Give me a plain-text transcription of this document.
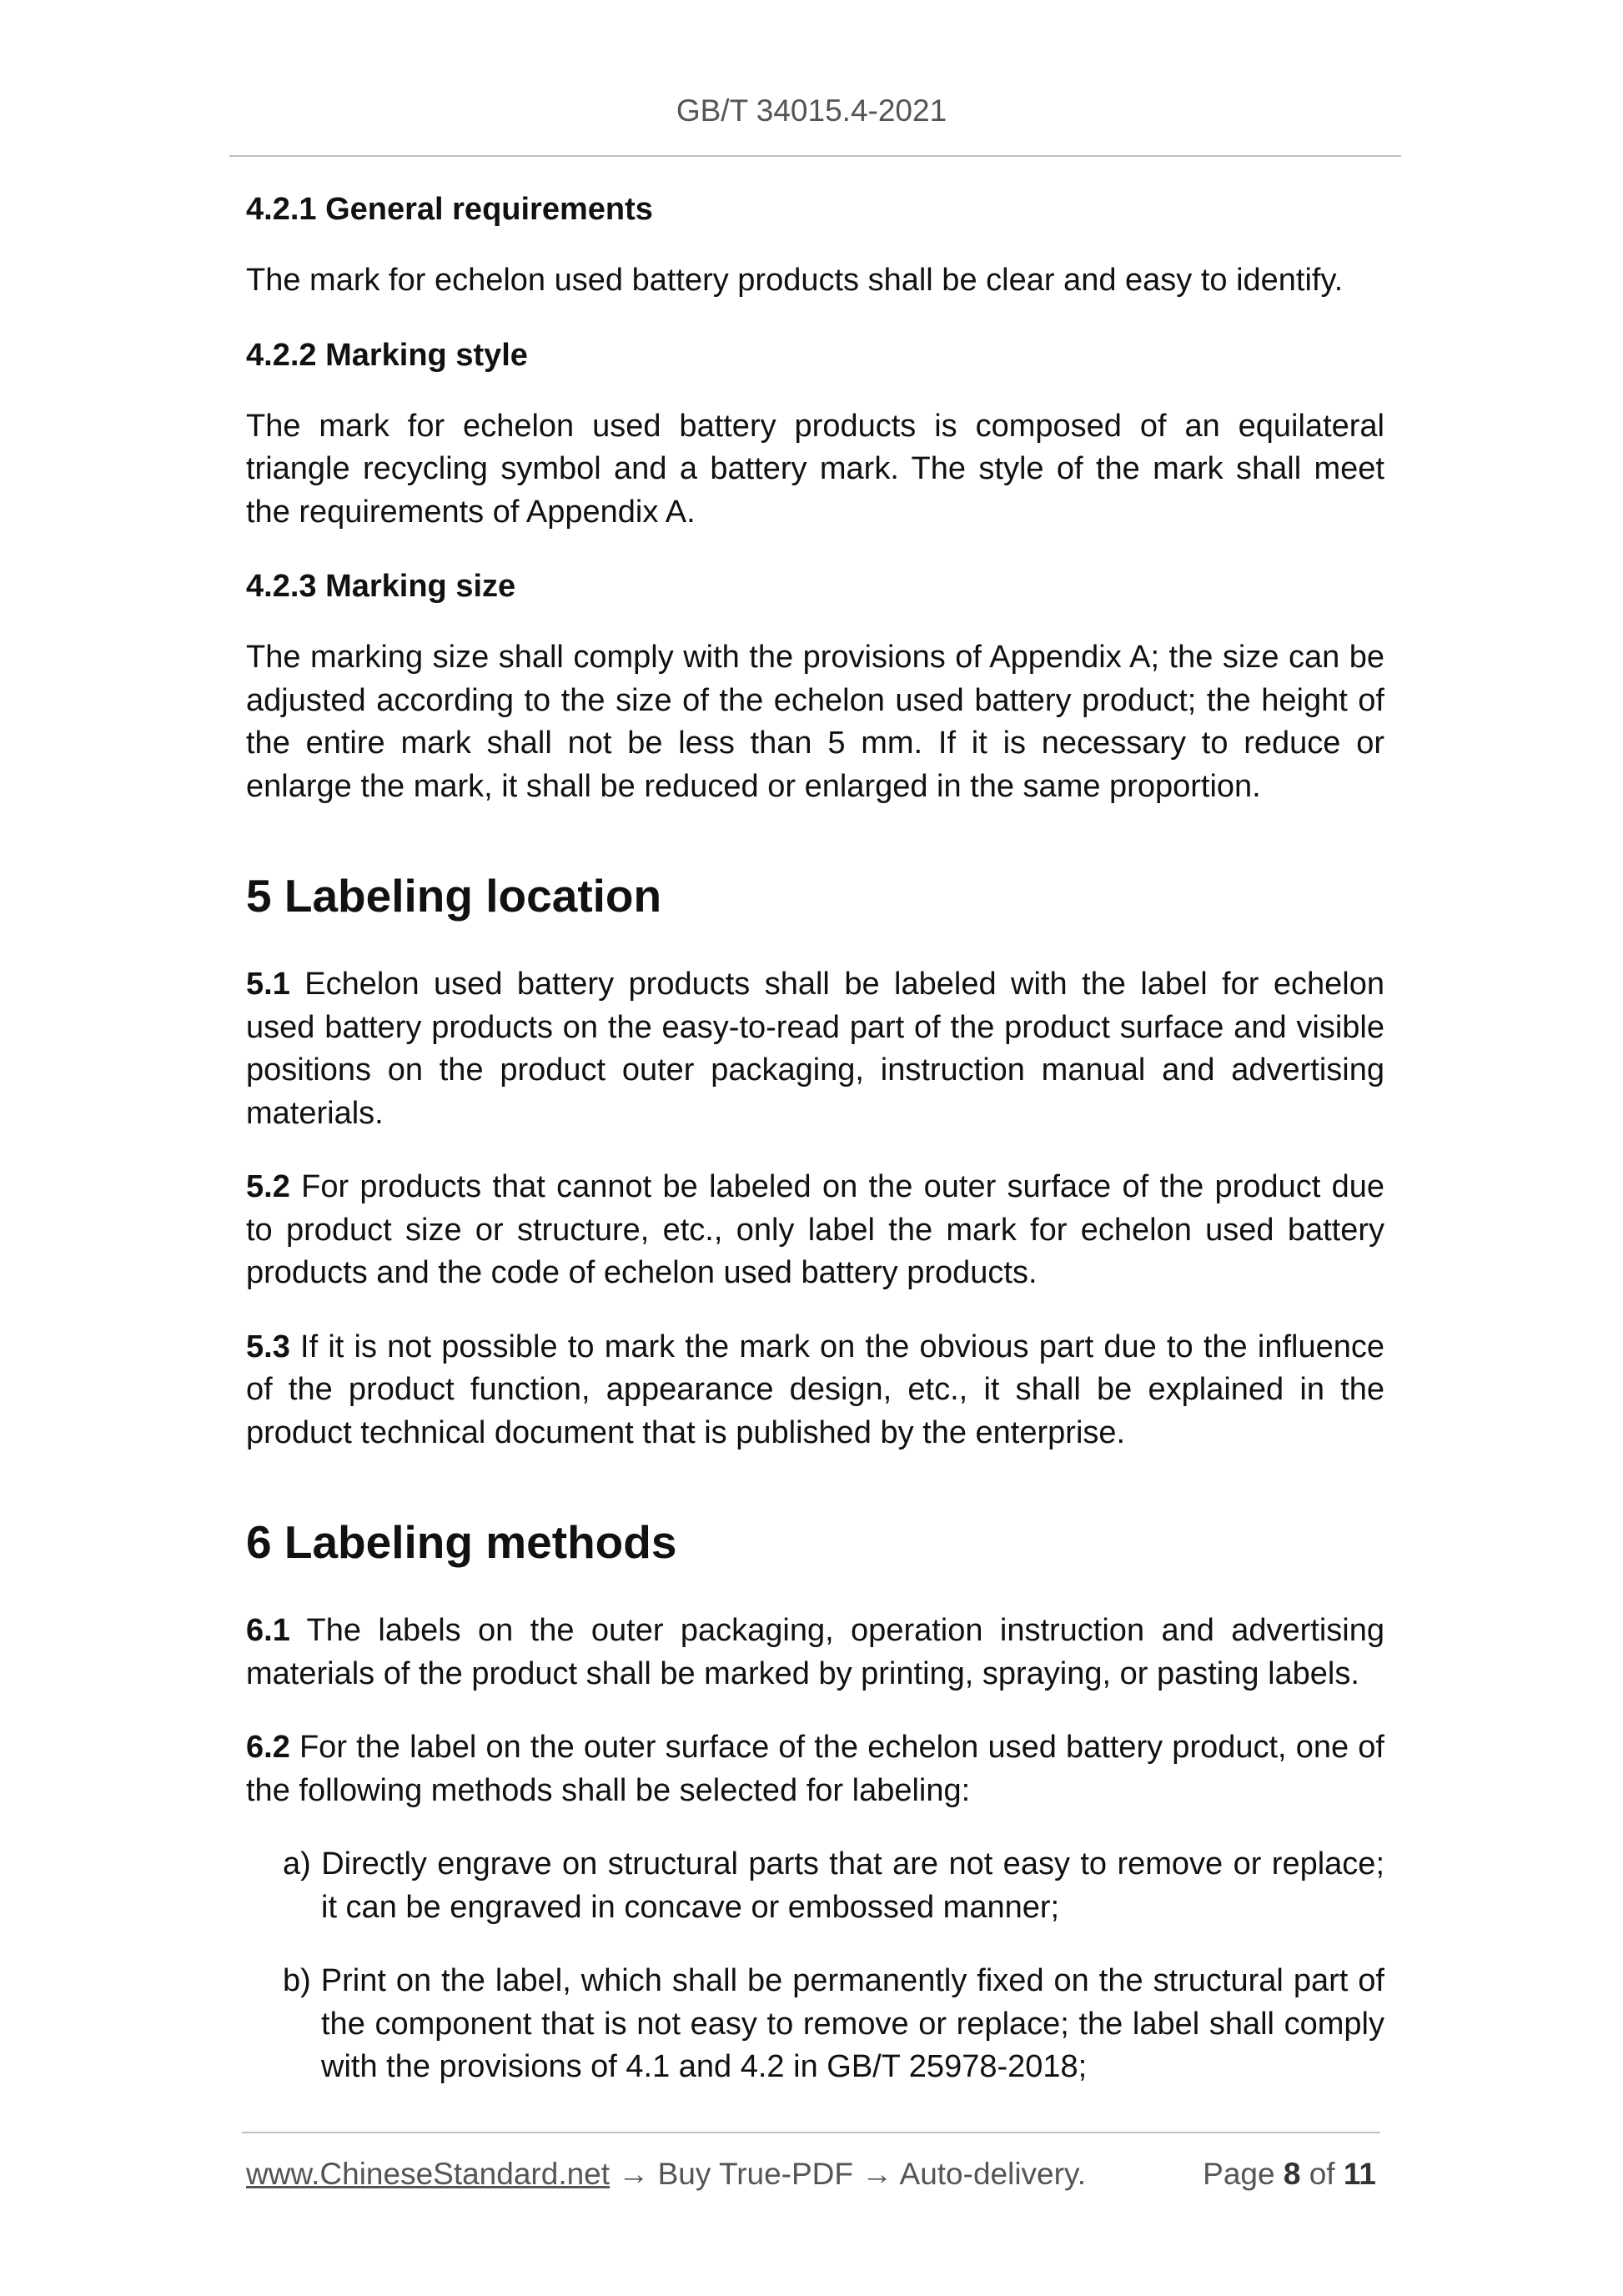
GB/T 34015.4-2021
4.2.1 General requirements
The mark for echelon used battery products shall be clear and easy to identify.
4.2.2 Marking style
The mark for echelon used battery products is composed of an equilateral triangle recycling symbol and a battery mark. The style of the mark shall meet the requirements of Appendix A.
4.2.3 Marking size
The marking size shall comply with the provisions of Appendix A; the size can be adjusted according to the size of the echelon used battery product; the height of the entire mark shall not be less than 5 mm. If it is necessary to reduce or enlarge the mark, it shall be reduced or enlarged in the same proportion.
5 Labeling location
5.1 Echelon used battery products shall be labeled with the label for echelon used battery products on the easy-to-read part of the product surface and visible positions on the product outer packaging, instruction manual and advertising materials.
5.2 For products that cannot be labeled on the outer surface of the product due to product size or structure, etc., only label the mark for echelon used battery products and the code of echelon used battery products.
5.3 If it is not possible to mark the mark on the obvious part due to the influence of the product function, appearance design, etc., it shall be explained in the product technical document that is published by the enterprise.
6 Labeling methods
6.1 The labels on the outer packaging, operation instruction and advertising materials of the product shall be marked by printing, spraying, or pasting labels.
6.2 For the label on the outer surface of the echelon used battery product, one of the following methods shall be selected for labeling:
a) Directly engrave on structural parts that are not easy to remove or replace; it can be engraved in concave or embossed manner;
b) Print on the label, which shall be permanently fixed on the structural part of the component that is not easy to remove or replace; the label shall comply with the provisions of 4.1 and 4.2 in GB/T 25978-2018;
www.ChineseStandard.net → Buy True-PDF → Auto-delivery.	Page 8 of 11
